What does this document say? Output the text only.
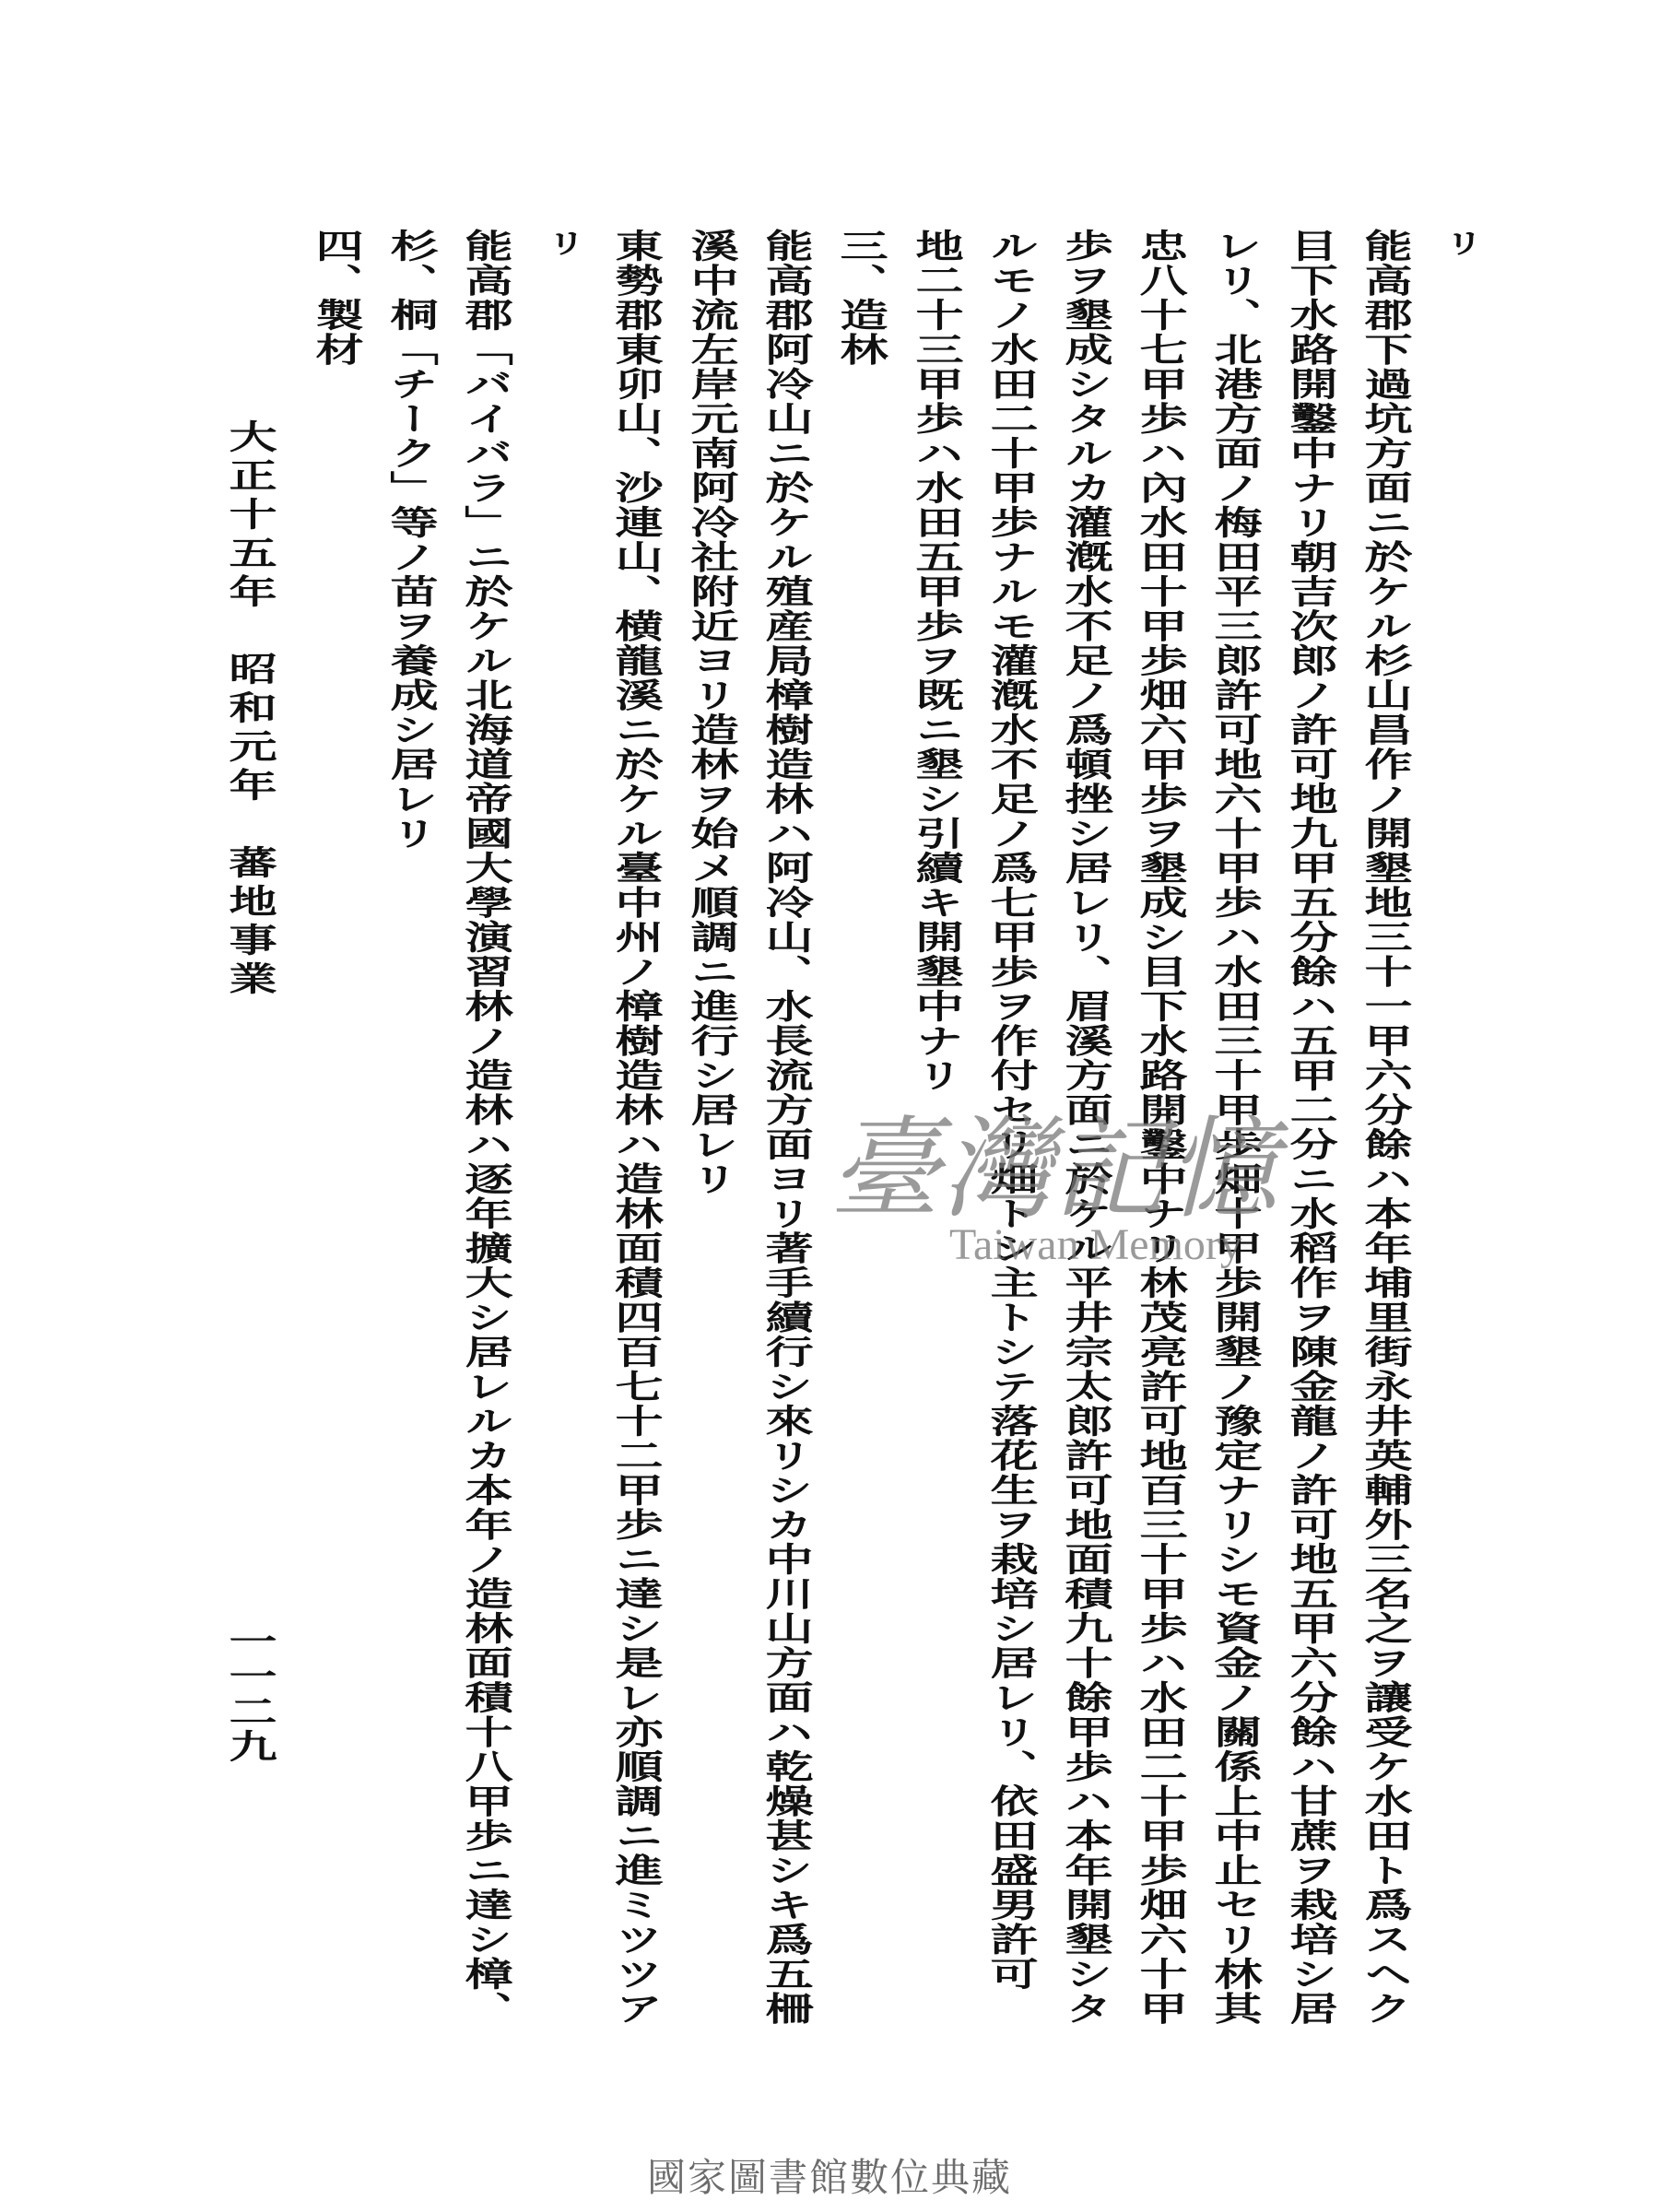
リ
能高郡下過坑方面ニ於ケル杉山昌作ノ開墾地三十一甲六分餘ハ本年埔里街永井英輔外三名之ヲ讓受ケ水田ト爲スヘク
目下水路開鑿中ナリ朝吉次郎ノ許可地九甲五分餘ハ五甲二分ニ水稻作ヲ陳金龍ノ許可地五甲六分餘ハ甘蔗ヲ栽培シ居
レリ、北港方面ノ梅田平三郎許可地六十甲歩ハ水田三十甲歩畑十甲歩開墾ノ豫定ナリシモ資金ノ關係上中止セリ林其
忠八十七甲歩ハ內水田十甲歩畑六甲歩ヲ墾成シ目下水路開鑿中ナリ林茂亮許可地百三十甲歩ハ水田二十甲歩畑六十甲
歩ヲ墾成シタルカ灌漑水不足ノ爲頓挫シ居レリ、眉溪方面ニ於ケル平井宗太郎許可地面積九十餘甲歩ハ本年開墾シタ
ルモノ水田二十甲歩ナルモ灌漑水不足ノ爲七甲歩ヲ作付セリ畑トシ主トシテ落花生ヲ栽培シ居レリ、依田盛男許可
地二十三甲歩ハ水田五甲歩ヲ既ニ墾シ引續キ開墾中ナリ
三、造林
能高郡阿冷山ニ於ケル殖産局樟樹造林ハ阿冷山、水長流方面ヨリ著手續行シ來リシカ中川山方面ハ乾燥甚シキ爲五柵
溪中流左岸元南阿冷社附近ヨリ造林ヲ始メ順調ニ進行シ居レリ
東勢郡東卯山、沙連山、横龍溪ニ於ケル臺中州ノ樟樹造林ハ造林面積四百七十二甲歩ニ達シ是レ亦順調ニ進ミツツア
リ
能高郡「バイバラ」ニ於ケル北海道帝國大學演習林ノ造林ハ逐年擴大シ居レルカ本年ノ造林面積十八甲歩ニ達シ樟、
杉、桐「チーク」等ノ苗ヲ養成シ居レリ
四、製材
大正十五年　昭和元年　蕃地事業
一一二九
臺灣記憶
Taiwan Memory
國家圖書館數位典藏
